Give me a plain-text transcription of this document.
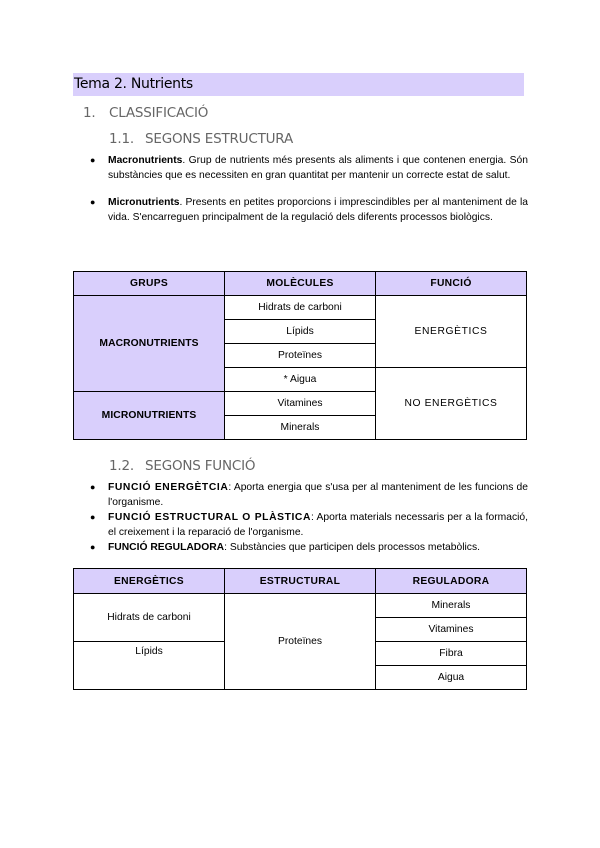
Tema 2. Nutrients
1. CLASSIFICACIÓ
1.1. SEGONS ESTRUCTURA
● Macronutrients. Grup de nutrients més presents als aliments i que contenen energia. Són substàncies que es necessiten en gran quantitat per mantenir un correcte estat de salut.
● Micronutrients. Presents en petites proporcions i imprescindibles per al manteniment de la vida. S'encarreguen principalment de la regulació dels diferents processos biològics.
GRUPS	MOLÈCULES	FUNCIÓ
MACRONUTRIENTS	Hidrats de carboni	ENERGÈTICS
	Lípids	
	Proteïnes	
	* Aigua	NO ENERGÈTICS
MICRONUTRIENTS	Vitamines	
	Minerals	
1.2. SEGONS FUNCIÓ
● FUNCIÓ ENERGÈTCIA: Aporta energia que s'usa per al manteniment de les funcions de l'organisme.
● FUNCIÓ ESTRUCTURAL O PLÀSTICA: Aporta materials necessaris per a la formació, el creixement i la reparació de l'organisme.
● FUNCIÓ REGULADORA: Substàncies que participen dels processos metabòlics.
ENERGÈTICS	ESTRUCTURAL	REGULADORA
Hidrats de carboni	Proteïnes	Minerals
		Vitamines
Lípids		Fibra
		Aigua
